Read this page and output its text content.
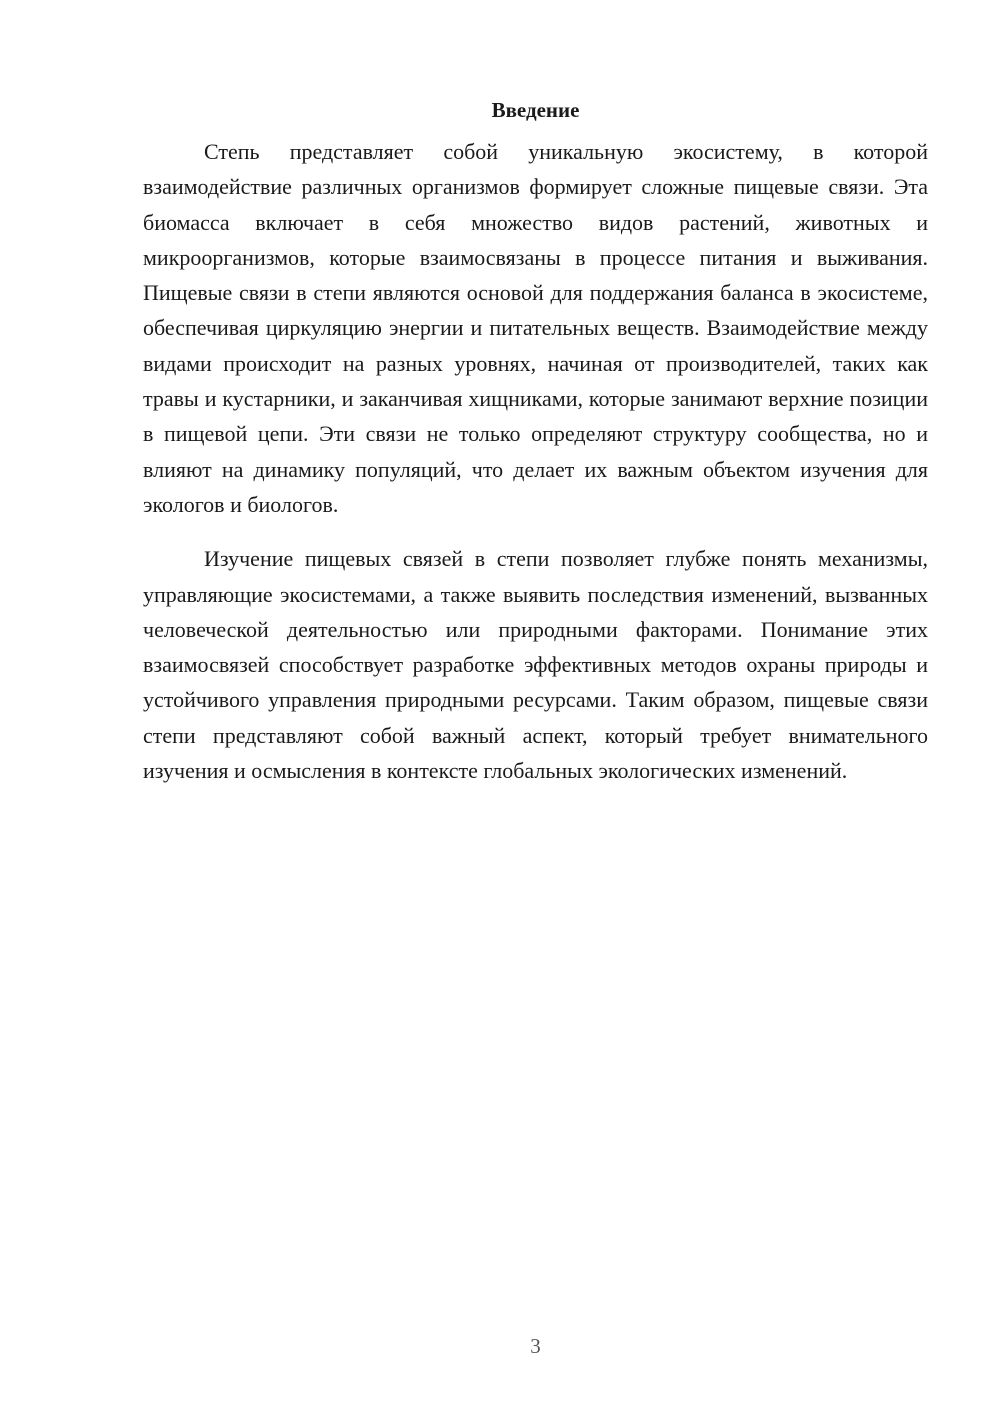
Введение

Степь представляет собой уникальную экосистему, в которой взаимодействие различных организмов формирует сложные пищевые связи. Эта биомасса включает в себя множество видов растений, животных и микроорганизмов, которые взаимосвязаны в процессе питания и выживания. Пищевые связи в степи являются основой для поддержания баланса в экосистеме, обеспечивая циркуляцию энергии и питательных веществ. Взаимодействие между видами происходит на разных уровнях, начиная от производителей, таких как травы и кустарники, и заканчивая хищниками, которые занимают верхние позиции в пищевой цепи. Эти связи не только определяют структуру сообщества, но и влияют на динамику популяций, что делает их важным объектом изучения для экологов и биологов.

Изучение пищевых связей в степи позволяет глубже понять механизмы, управляющие экосистемами, а также выявить последствия изменений, вызванных человеческой деятельностью или природными факторами. Понимание этих взаимосвязей способствует разработке эффективных методов охраны природы и устойчивого управления природными ресурсами. Таким образом, пищевые связи степи представляют собой важный аспект, который требует внимательного изучения и осмысления в контексте глобальных экологических изменений.

3
